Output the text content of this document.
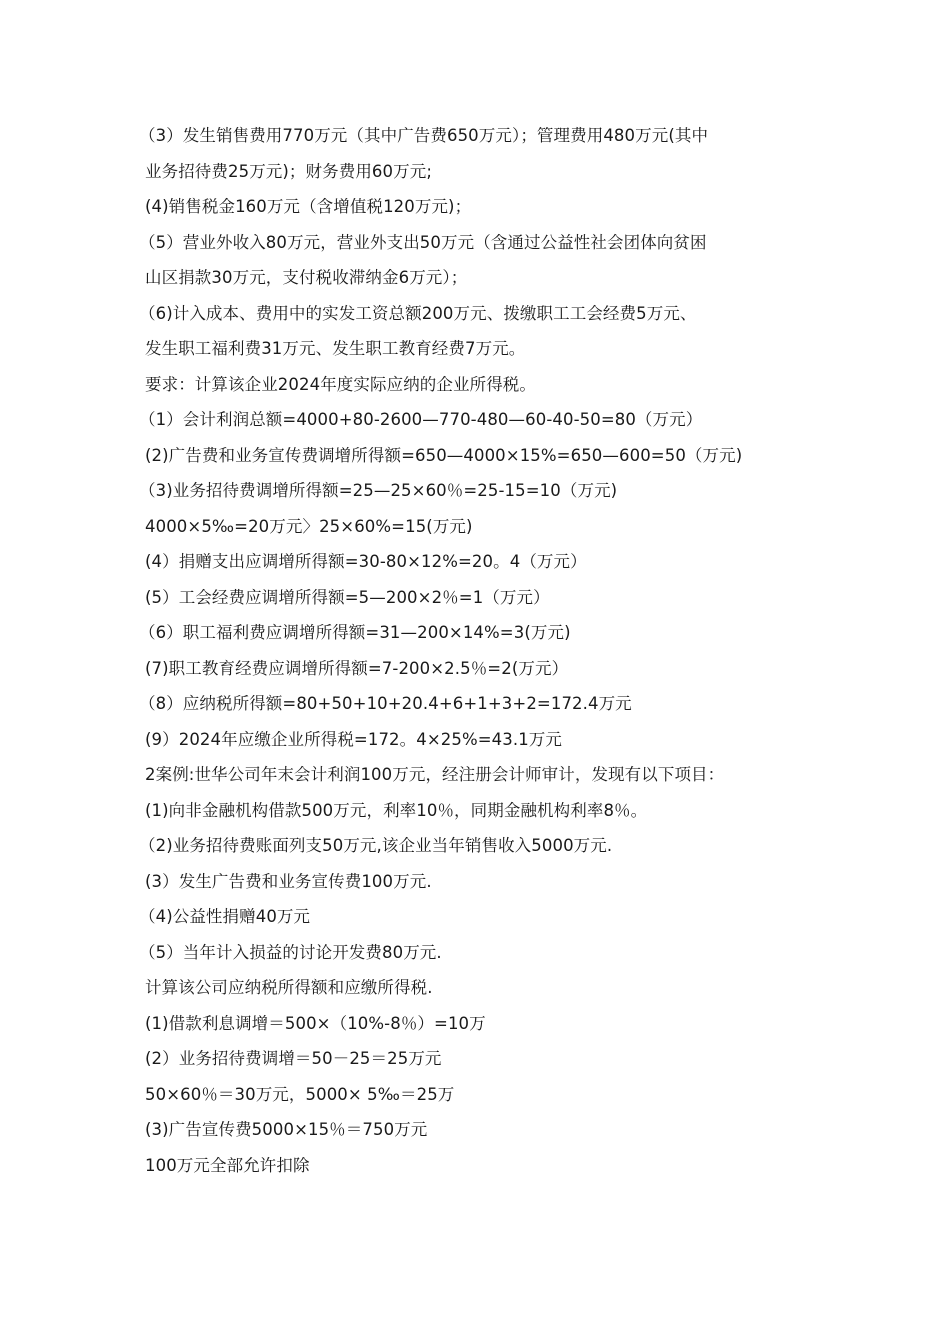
（3）发生销售费用770万元（其中广告费650万元）；管理费用480万元(其中
业务招待费25万元)；财务费用60万元;
(4)销售税金160万元（含增值税120万元)；
（5）营业外收入80万元，营业外支出50万元（含通过公益性社会团体向贫困
山区捐款30万元，支付税收滞纳金6万元）；
（6)计入成本、费用中的实发工资总额200万元、拨缴职工工会经费5万元、
发生职工福利费31万元、发生职工教育经费7万元。
要求：计算该企业2024年度实际应纳的企业所得税。
（1）会计利润总额=4000+80-2600—770-480—60-40-50=80（万元）
(2)广告费和业务宣传费调增所得额=650—4000×15%=650—600=50（万元)
（3)业务招待费调增所得额=25—25×60％=25-15=10（万元)
4000×5‰=20万元〉25×60%=15(万元)
(4）捐赠支出应调增所得额=30-80×12%=20。4（万元）
(5）工会经费应调增所得额=5—200×2％=1（万元）
（6）职工福利费应调增所得额=31—200×14%=3(万元)
(7)职工教育经费应调增所得额=7-200×2.5％=2(万元）
（8）应纳税所得额=80+50+10+20.4+6+1+3+2=172.4万元
(9）2024年应缴企业所得税=172。4×25%=43.1万元
2案例:世华公司年末会计利润100万元，经注册会计师审计，发现有以下项目：
(1)向非金融机构借款500万元，利率10％，同期金融机构利率8％。
（2)业务招待费账面列支50万元,该企业当年销售收入5000万元.
(3）发生广告费和业务宣传费100万元.
（4)公益性捐赠40万元
（5）当年计入损益的讨论开发费80万元.
计算该公司应纳税所得额和应缴所得税.
(1)借款利息调增＝500×（10%-8％）=10万
(2）业务招待费调增＝50－25＝25万元
50×60％＝30万元，5000× 5‰＝25万
(3)广告宣传费5000×15％＝750万元
100万元全部允许扣除
